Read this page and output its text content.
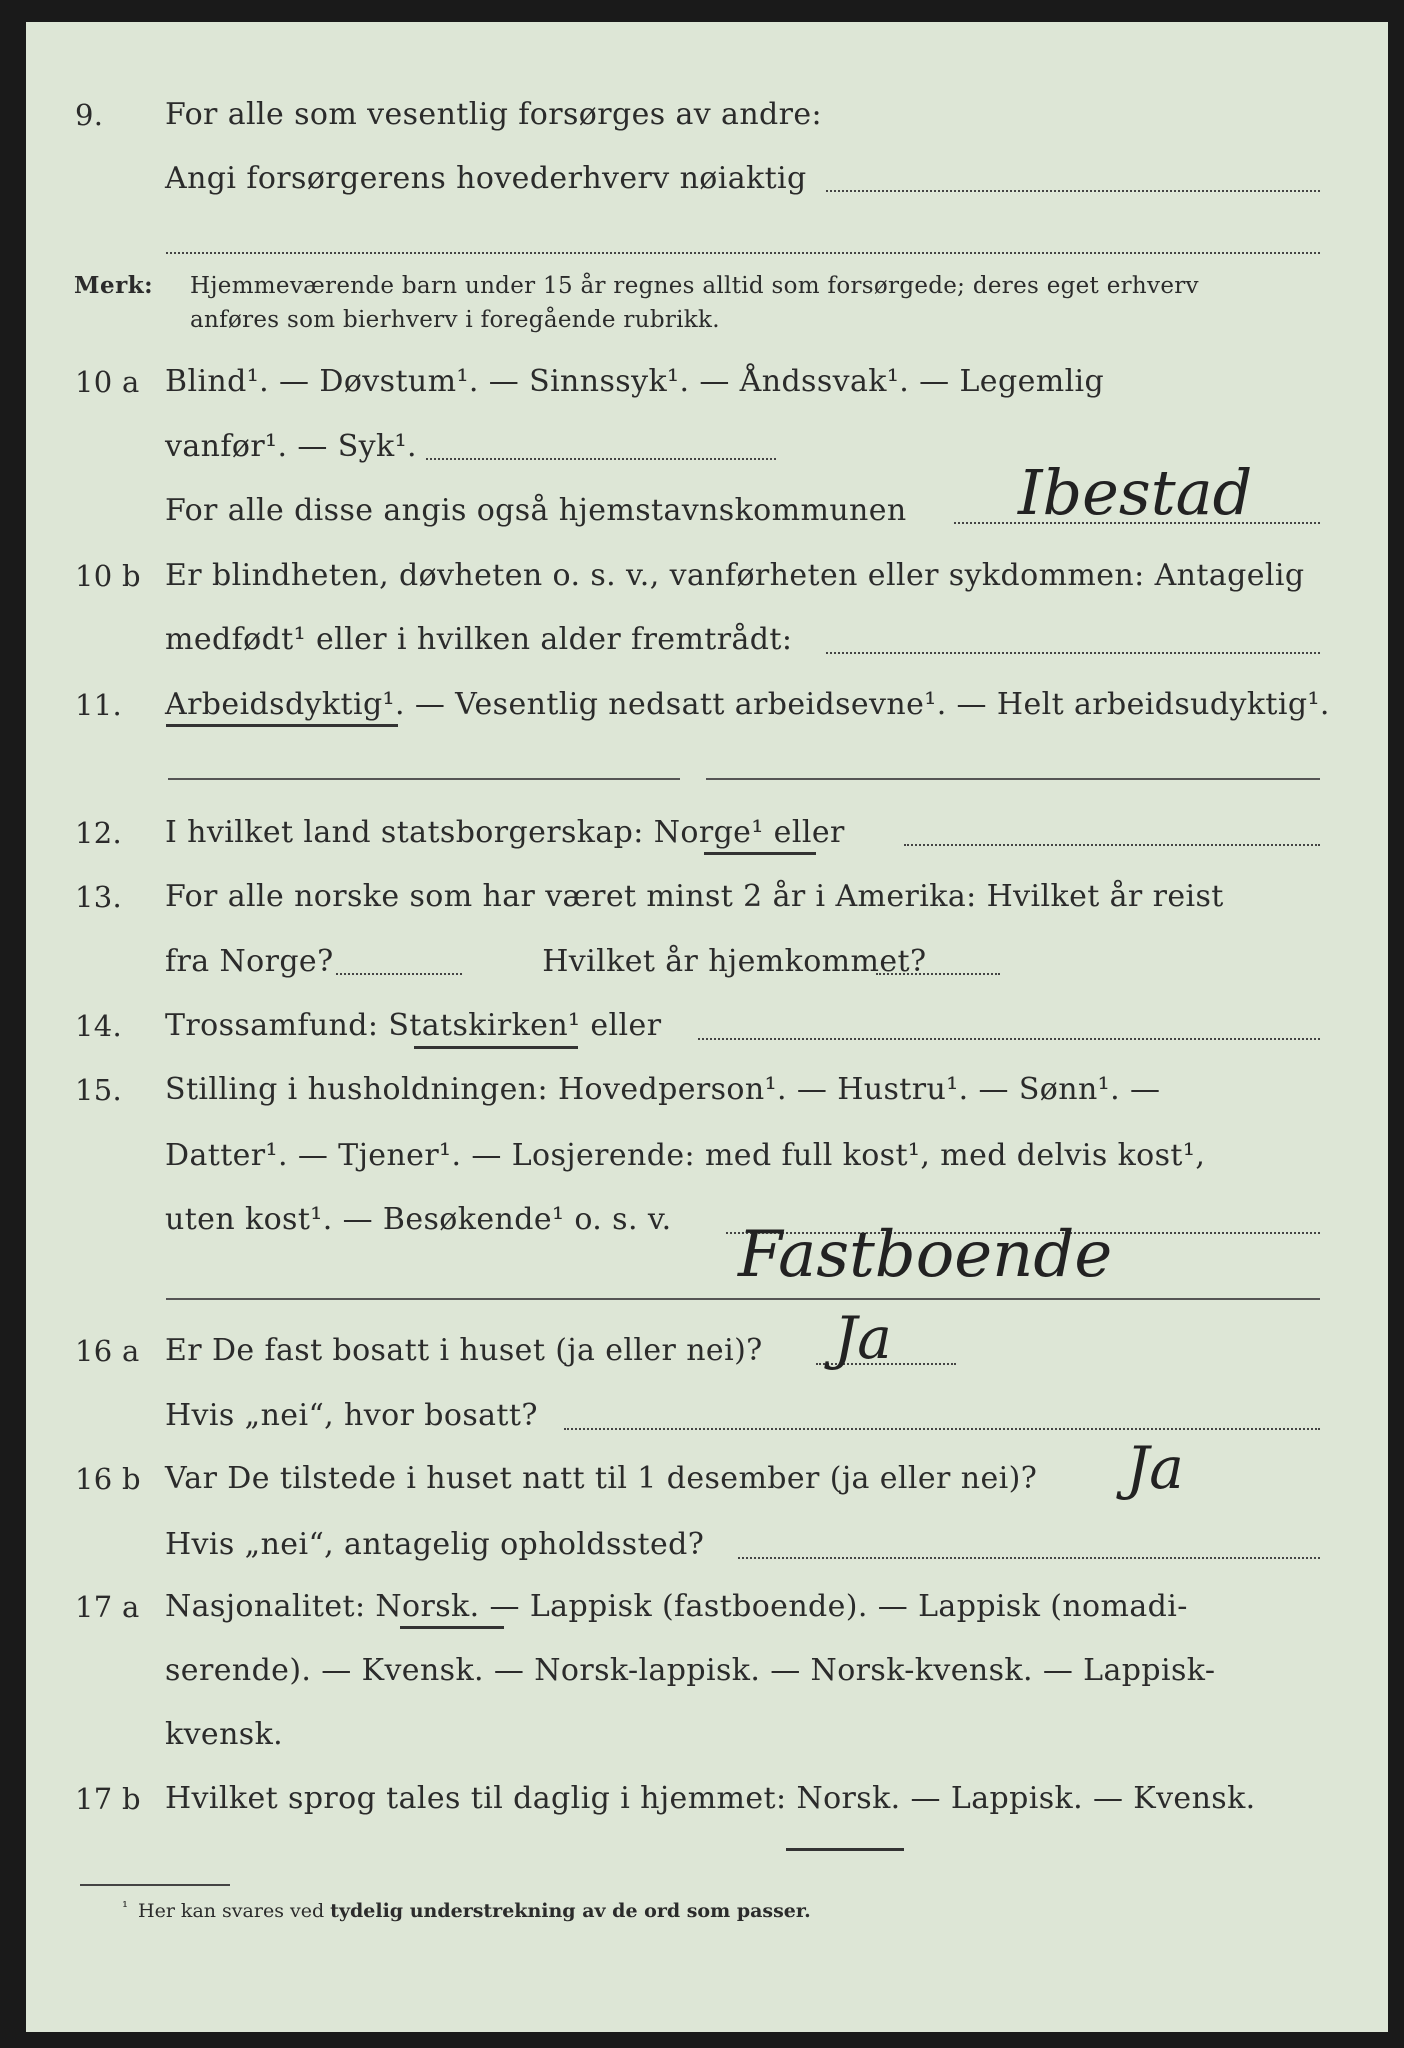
9. For alle som vesentlig forsørges av andre:
Angi forsørgerens hovederhverv nøiaktig
Merk: Hjemmeværende barn under 15 år regnes alltid som forsørgede; deres eget erhverv
anføres som bierhverv i foregående rubrikk.
10 a Blind¹. — Døvstum¹. — Sinnssyk¹. — Åndssvak¹. — Legemlig
vanfør¹. — Syk¹.
For alle disse angis også hjemstavnskommunen Ibestad
10 b Er blindheten, døvheten o. s. v., vanførheten eller sykdommen: Antagelig
medfødt¹ eller i hvilken alder fremtrådt:
11. Arbeidsdyktig¹. — Vesentlig nedsatt arbeidsevne¹. — Helt arbeidsudyktig¹.
12. I hvilket land statsborgerskap: Norge¹ eller
13. For alle norske som har været minst 2 år i Amerika: Hvilket år reist
fra Norge?                     Hvilket år hjemkommet?
14. Trossamfund: Statskirken¹ eller
15. Stilling i husholdningen: Hovedperson¹. — Hustru¹. — Sønn¹. —
Datter¹. — Tjener¹. — Losjerende: med full kost¹, med delvis kost¹,
uten kost¹. — Besøkende¹ o. s. v. Fastboende
16 a Er De fast bosatt i huset (ja eller nei)? Ja
Hvis „nei“, hvor bosatt?
16 b Var De tilstede i huset natt til 1 desember (ja eller nei)? Ja
Hvis „nei“, antagelig opholdssted?
17 a Nasjonalitet: Norsk. — Lappisk (fastboende). — Lappisk (nomadi-
serende). — Kvensk. — Norsk-lappisk. — Norsk-kvensk. — Lappisk-
kvensk.
17 b Hvilket sprog tales til daglig i hjemmet: Norsk. — Lappisk. — Kvensk.
¹ Her kan svares ved tydelig understrekning av de ord som passer.
